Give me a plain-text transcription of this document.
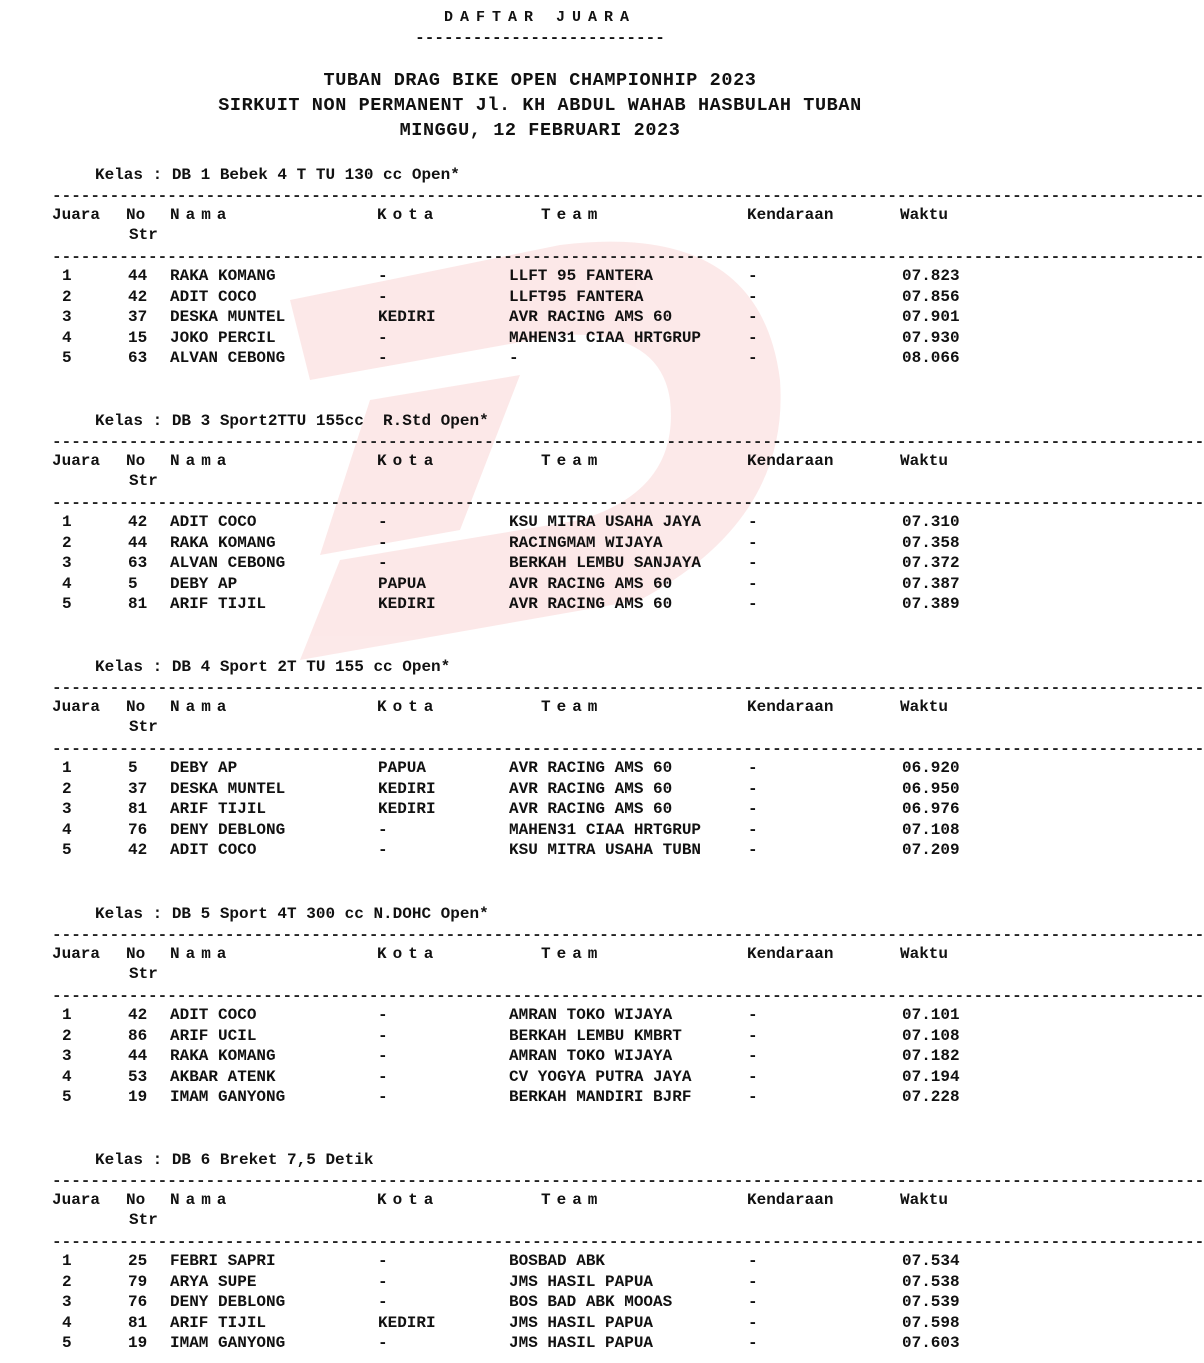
DAFTAR JUARA
--------------------------
TUBAN DRAG BIKE OPEN CHAMPIONHIP 2023
SIRKUIT NON PERMANENT Jl. KH ABDUL WAHAB HASBULAH TUBAN
MINGGU, 12 FEBRUARI 2023
Kelas : DB 1 Bebek 4 T TU 130 cc Open*
------------------------------------------------------------------------------------------------------------------------
Juara No Nama	Kota	Team	Kendaraan	Waktu
Str
------------------------------------------------------------------------------------------------------------------------
1	44 RAKA KOMANG	-	LLFT 95 FANTERA	-	07.823
2	42 ADIT COCO	-	LLFT95 FANTERA	-	07.856
3	37 DESKA MUNTEL	KEDIRI	AVR RACING AMS 60	-	07.901
4	15 JOKO PERCIL	-	MAHEN31 CIAA HRTGRUP	-	07.930
5	63 ALVAN CEBONG	-	-	-	08.066
Kelas : DB 3 Sport2TTU 155cc  R.Std Open*
------------------------------------------------------------------------------------------------------------------------
Juara No Nama	Kota	Team	Kendaraan	Waktu
Str
------------------------------------------------------------------------------------------------------------------------
1	42 ADIT COCO	-	KSU MITRA USAHA JAYA	-	07.310
2	44 RAKA KOMANG	-	RACINGMAM WIJAYA	-	07.358
3	63 ALVAN CEBONG	-	BERKAH LEMBU SANJAYA	-	07.372
4	5 DEBY AP	PAPUA	AVR RACING AMS 60	-	07.387
5	81 ARIF TIJIL	KEDIRI	AVR RACING AMS 60	-	07.389
Kelas : DB 4 Sport 2T TU 155 cc Open*
------------------------------------------------------------------------------------------------------------------------
Juara No Nama	Kota	Team	Kendaraan	Waktu
Str
------------------------------------------------------------------------------------------------------------------------
1	5 DEBY AP	PAPUA	AVR RACING AMS 60	-	06.920
2	37 DESKA MUNTEL	KEDIRI	AVR RACING AMS 60	-	06.950
3	81 ARIF TIJIL	KEDIRI	AVR RACING AMS 60	-	06.976
4	76 DENY DEBLONG	-	MAHEN31 CIAA HRTGRUP	-	07.108
5	42 ADIT COCO	-	KSU MITRA USAHA TUBN	-	07.209
Kelas : DB 5 Sport 4T 300 cc N.DOHC Open*
------------------------------------------------------------------------------------------------------------------------
Juara No Nama	Kota	Team	Kendaraan	Waktu
Str
------------------------------------------------------------------------------------------------------------------------
1	42 ADIT COCO	-	AMRAN TOKO WIJAYA	-	07.101
2	86 ARIF UCIL	-	BERKAH LEMBU KMBRT	-	07.108
3	44 RAKA KOMANG	-	AMRAN TOKO WIJAYA	-	07.182
4	53 AKBAR ATENK	-	CV YOGYA PUTRA JAYA	-	07.194
5	19 IMAM GANYONG	-	BERKAH MANDIRI BJRF	-	07.228
Kelas : DB 6 Breket 7,5 Detik
------------------------------------------------------------------------------------------------------------------------
Juara No Nama	Kota	Team	Kendaraan	Waktu
Str
------------------------------------------------------------------------------------------------------------------------
1	25 FEBRI SAPRI	-	BOSBAD ABK	-	07.534
2	79 ARYA SUPE	-	JMS HASIL PAPUA	-	07.538
3	76 DENY DEBLONG	-	BOS BAD ABK MOOAS	-	07.539
4	81 ARIF TIJIL	KEDIRI	JMS HASIL PAPUA	-	07.598
5	19 IMAM GANYONG	-	JMS HASIL PAPUA	-	07.603
